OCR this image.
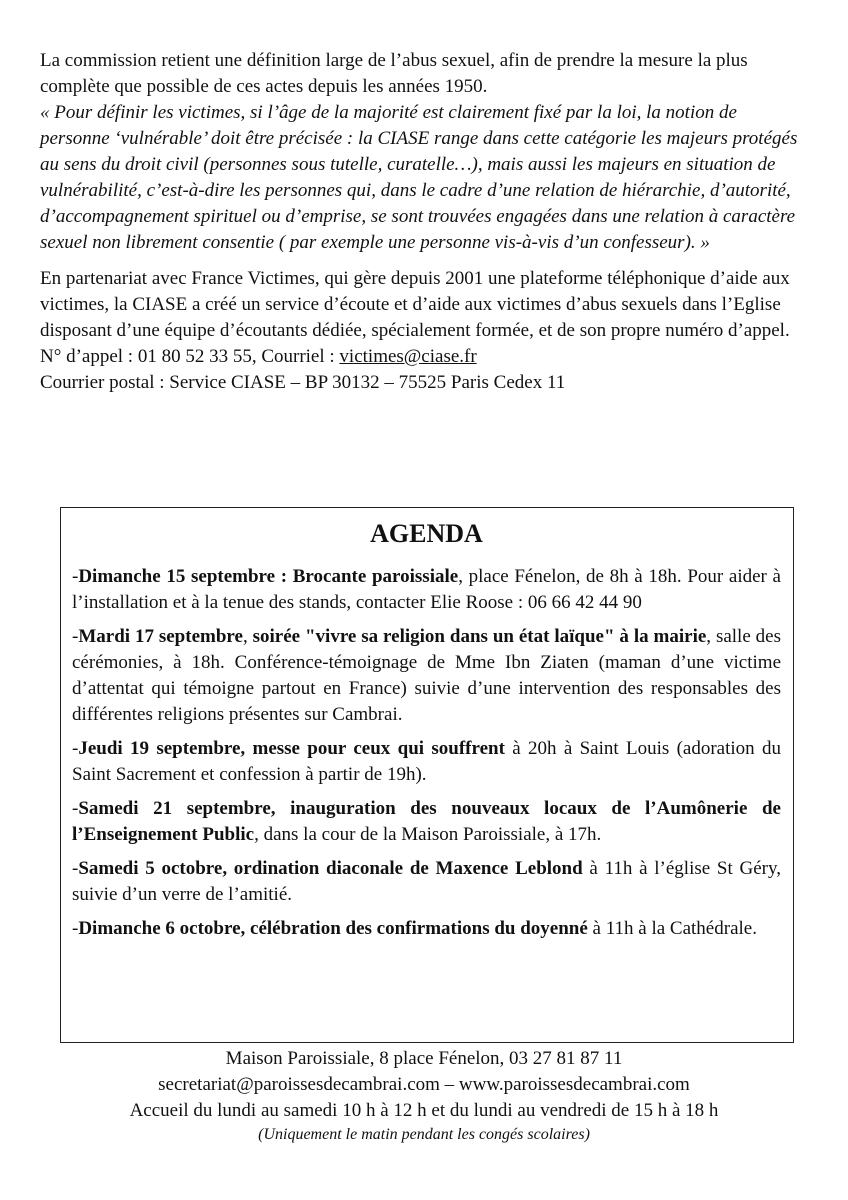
La commission retient une définition large de l’abus sexuel, afin de prendre la mesure la plus complète que possible de ces actes depuis les années 1950.

« Pour définir les victimes, si l’âge de la majorité est clairement fixé par la loi, la notion de personne ‘vulnérable’ doit être précisée : la CIASE range dans cette catégorie les majeurs protégés au sens du droit civil (personnes sous tutelle, curatelle…), mais aussi les majeurs en situation de vulnérabilité, c’est-à-dire les personnes qui, dans le cadre d’une relation de hiérarchie, d’autorité, d’accompagnement spirituel ou d’emprise, se sont trouvées engagées dans une relation à caractère sexuel non librement consentie ( par exemple une personne vis-à-vis d’un confesseur). »

En partenariat avec France Victimes, qui gère depuis 2001 une plateforme téléphonique d’aide aux victimes, la CIASE a créé un service d’écoute et d’aide aux victimes d’abus sexuels dans l’Eglise disposant d’une équipe d’écoutants dédiée, spécialement formée, et de son propre numéro d’appel.

N° d’appel : 01 80 52 33 55, Courriel : victimes@ciase.fr

Courrier postal : Service CIASE – BP 30132 – 75525 Paris Cedex 11

AGENDA

-Dimanche 15 septembre : Brocante paroissiale, place Fénelon, de 8h à 18h. Pour aider à l’installation et à la tenue des stands, contacter Elie Roose : 06 66 42 44 90

-Mardi 17 septembre, soirée "vivre sa religion dans un état laïque" à la mairie, salle des cérémonies, à 18h. Conférence-témoignage de Mme Ibn Ziaten (maman d’une victime d’attentat qui témoigne partout en France) suivie d’une intervention des responsables des différentes religions présentes sur Cambrai.

-Jeudi 19 septembre, messe pour ceux qui souffrent à 20h à Saint Louis (adoration du Saint Sacrement et confession à partir de 19h).

-Samedi 21 septembre, inauguration des nouveaux locaux de l’Aumônerie de l’Enseignement Public, dans la cour de la Maison Paroissiale, à 17h.

-Samedi 5 octobre, ordination diaconale de Maxence Leblond à 11h à l’église St Géry, suivie d’un verre de l’amitié.

-Dimanche 6 octobre, célébration des confirmations du doyenné à 11h à la Cathédrale.

Maison Paroissiale, 8 place Fénelon, 03 27 81 87 11
secretariat@paroissesdecambrai.com – www.paroissesdecambrai.com
Accueil du lundi au samedi 10 h à 12 h et du lundi au vendredi de 15 h à 18 h
(Uniquement le matin pendant les congés scolaires)
